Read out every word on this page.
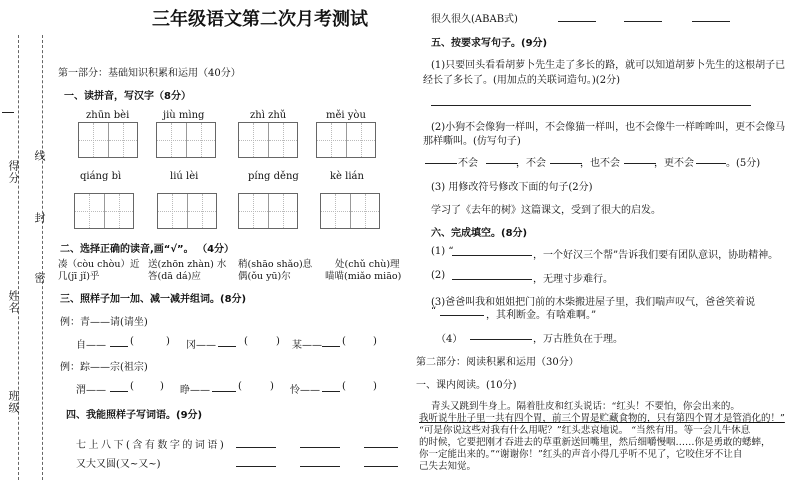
得分
线
封
姓名
密
班级
三年级语文第二次月考测试
第一部分：基础知识积累和运用（40分）
一、读拼音，写汉字（8分）
zhūn bèi	jiù mìng	zhì zhǔ	měi yòu
qiáng bì	liú lèi	píng děng	kè lián
二、选择正确的读音,画“√”。 （4分）
凑（còu chòu）近 送(zhōn zhàn) 水 稍(shāo shǎo)息 处(chǔ chù)理
几(jī jǐ)乎	答(dā dá)应	偶(ǒu yū)尔	喵喵(miǎo miāo)
三、照样子加一加、减一减并组词。(8分)
例：青——请(请坐)
自—— (	) 冈——	(	) 某—— (	)
例：踪——宗(祖宗)
渭—— (	) 睁——	(	) 怜—— (	)
四、我能照样子写词语。(9分)
七上八下(含有数字的词语)
又大又圆(又~又~)
很久很久(ABAB式)
五、按要求写句子。(9分)
(1)只要回头看看胡萝卜先生走了多长的路，就可以知道胡萝卜先生的这根胡子已
经长了多长了。(用加点的关联词造句。)(2分)
(2)小狗不会像狗一样叫，不会像猫一样叫，也不会像牛一样哞哞叫，更不会像马
那样嘶叫。(仿写句子)
不会	，不会	，也不会	，更不会	。(5分)
(3) 用修改符号修改下面的句子(2分)
学习了《去年的树》这篇课文，受到了很大的启发。
六、完成填空。(8分)
(1) “	，一个好汉三个帮”告诉我们要有团队意识，协助精神。
(2)	，无理寸步难行。
(3)爸爸叫我和姐姐把门前的木柴搬进屋子里，我们喘声叹气，爸爸笑着说
“	，其利断金。有啥难啊。”
（4）	，万古胜负在于理。
第二部分：阅读积累和运用（30分）
一、课内阅读。(10分)
青头又跳到牛身上。隔着肚皮和红头说话：“红头！不要怕，你会出来的。
我听说牛肚子里一共有四个胃，前三个胃是贮藏食物的，只有第四个胃才是管消化的！”
“可是你说这些对我有什么用呢？”红头悲哀地说。 “当然有用。等一会儿牛休息
的时候，它要把刚才吞进去的草重新送回嘴里，然后细嚼慢咽……你是勇敢的蟋蟀，
你一定能出来的。”“谢谢你！”红头的声音小得几乎听不见了，它咬住牙不让自
己失去知觉。
